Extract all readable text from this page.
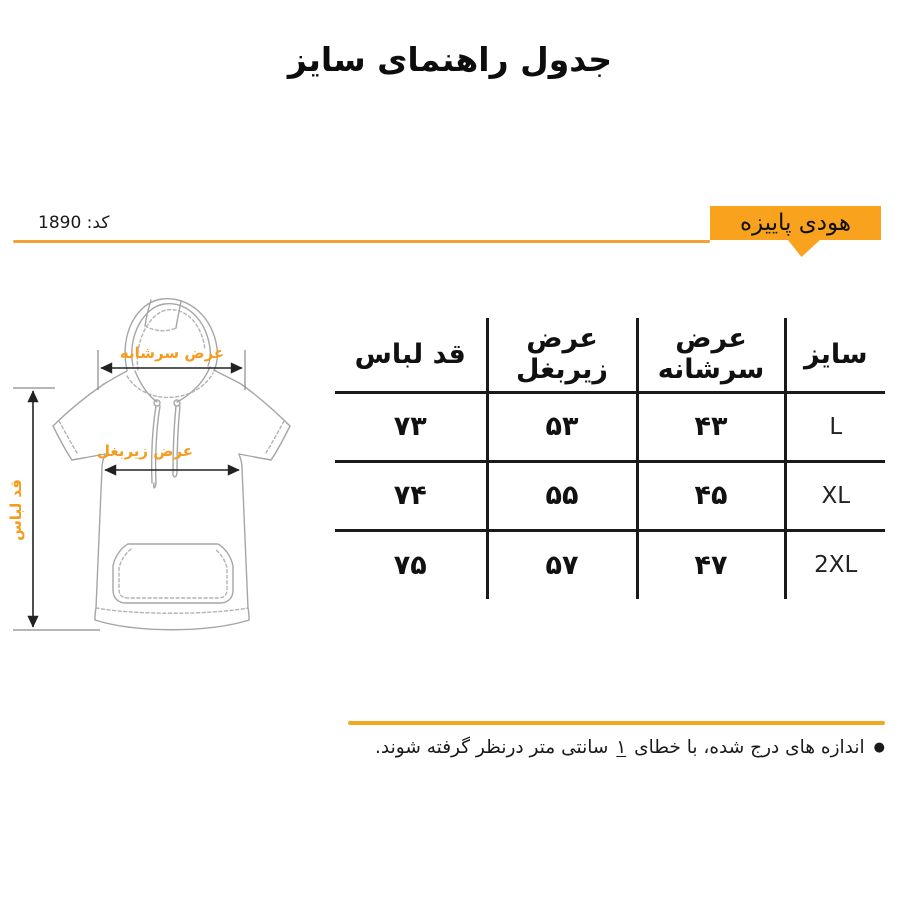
جدول راهنمای سایز
هودی پاییزه
کد: 1890
عرض سرشانه
عرض زیربغل
قد لباس
سایز	عرض سرشانه	عرض زیربغل	قد لباس
L	۴۳	۵۳	۷۳
XL	۴۵	۵۵	۷۴
2XL	۴۷	۵۷	۷۵
●اندازه های درج شده، با خطای ۱ سانتی متر درنظر گرفته شوند.
